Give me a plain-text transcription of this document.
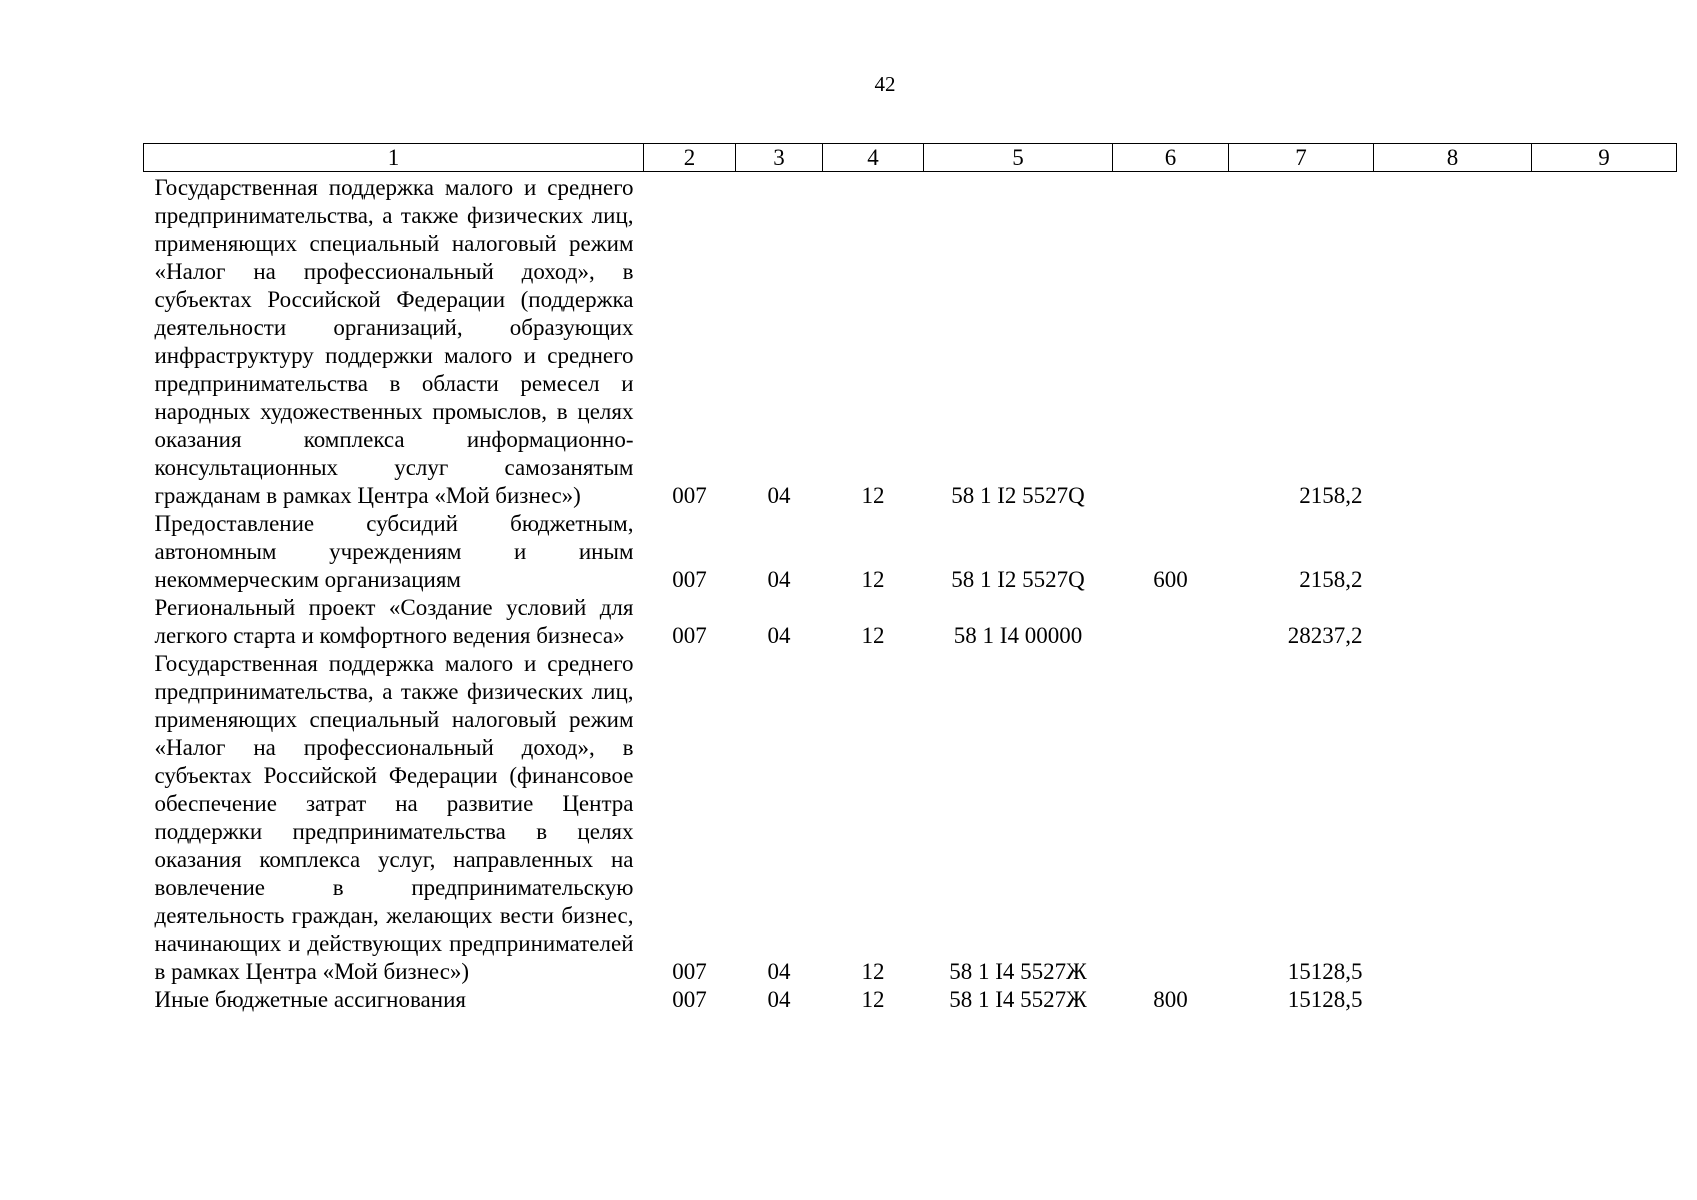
42
1	2	3	4	5	6	7	8	9
Государственная поддержка малого и среднего предпринимательства, а также физических лиц, применяющих специальный налоговый режим «Налог на профессиональный доход», в субъектах Российской Федерации (поддержка деятельности организаций, образующих инфраструктуру поддержки малого и среднего предпринимательства в области ремесел и народных художественных промыслов, в целях оказания комплекса информационно-консультационных услуг самозанятым гражданам в рамках Центра «Мой бизнес»)	007	04	12	58 1 I2 5527Q		2158,2		
Предоставление субсидий бюджетным, автономным учреждениям и иным некоммерческим организациям	007	04	12	58 1 I2 5527Q	600	2158,2		
Региональный проект «Создание условий для легкого старта и комфортного ведения бизнеса»	007	04	12	58 1 I4 00000		28237,2		
Государственная поддержка малого и среднего предпринимательства, а также физических лиц, применяющих специальный налоговый режим «Налог на профессиональный доход», в субъектах Российской Федерации (финансовое обеспечение затрат на развитие Центра поддержки предпринимательства в целях оказания комплекса услуг, направленных на вовлечение в предпринимательскую деятельность граждан, желающих вести бизнес, начинающих и действующих предпринимателей в рамках Центра «Мой бизнес»)	007	04	12	58 1 I4 5527Ж		15128,5		
Иные бюджетные ассигнования	007	04	12	58 1 I4 5527Ж	800	15128,5		
